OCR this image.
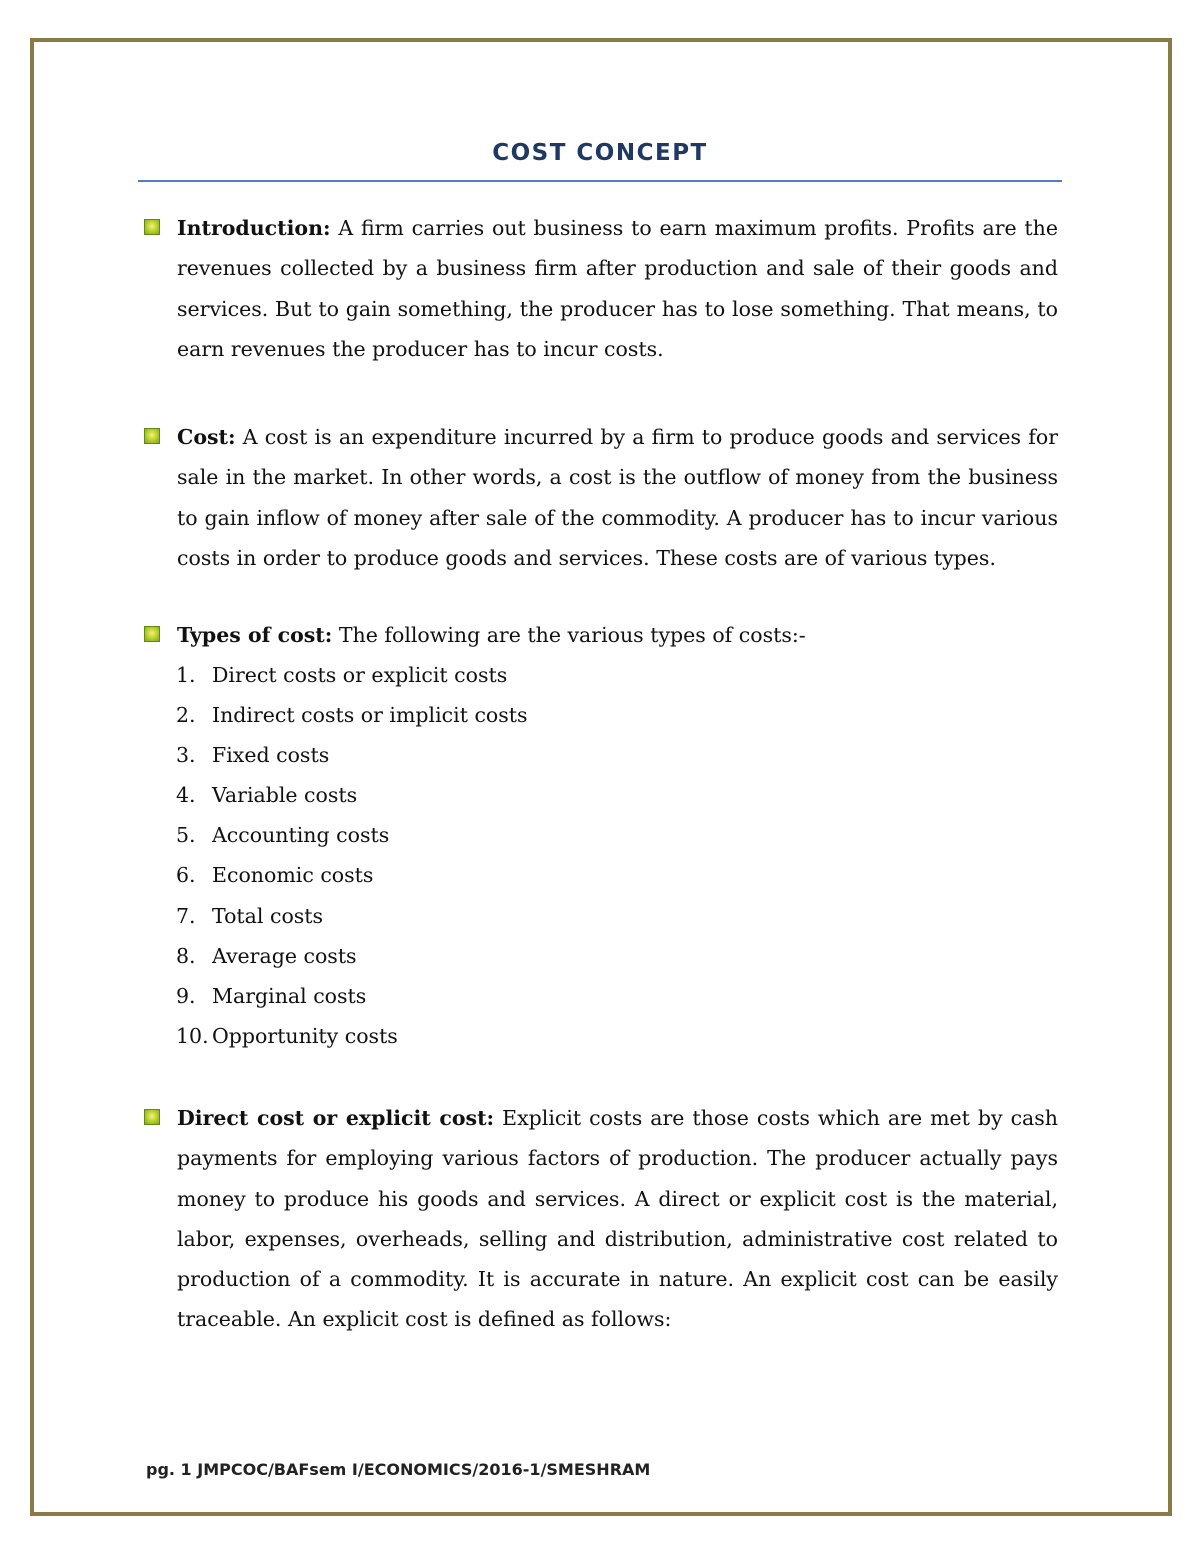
COST CONCEPT
Introduction: A firm carries out business to earn maximum profits. Profits are the revenues collected by a business firm after production and sale of their goods and services. But to gain something, the producer has to lose something. That means, to earn revenues the producer has to incur costs.
Cost: A cost is an expenditure incurred by a firm to produce goods and services for sale in the market. In other words, a cost is the outflow of money from the business to gain inflow of money after sale of the commodity. A producer has to incur various costs in order to produce goods and services. These costs are of various types.
Types of cost: The following are the various types of costs:-
1. Direct costs or explicit costs
2. Indirect costs or implicit costs
3. Fixed costs
4. Variable costs
5. Accounting costs
6. Economic costs
7. Total costs
8. Average costs
9. Marginal costs
10. Opportunity costs
Direct cost or explicit cost: Explicit costs are those costs which are met by cash payments for employing various factors of production. The producer actually pays money to produce his goods and services. A direct or explicit cost is the material, labor, expenses, overheads, selling and distribution, administrative cost related to production of a commodity. It is accurate in nature. An explicit cost can be easily traceable. An explicit cost is defined as follows:
pg. 1 JMPCOC/BAFsem I/ECONOMICS/2016-1/SMESHRAM
